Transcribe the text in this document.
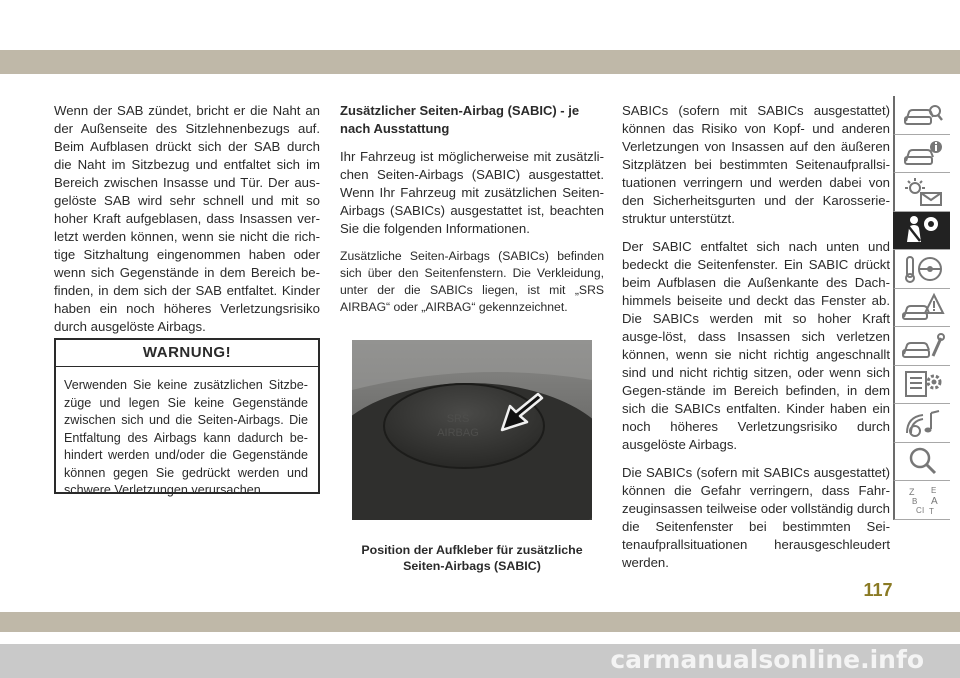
Wenn der SAB zündet, bricht er die Naht an der Außenseite des Sitzlehnenbezugs auf. Beim Aufblasen drückt sich der SAB durch die Naht im Sitzbezug und entfaltet sich im Bereich zwischen Insasse und Tür. Der aus-gelöste SAB wird sehr schnell und mit so hoher Kraft aufgeblasen, dass Insassen ver-letzt werden können, wenn sie nicht die rich-tige Sitzhaltung eingenommen haben oder wenn sich Gegenstände in dem Bereich be-finden, in dem sich der SAB entfaltet. Kinder haben ein noch höheres Verletzungsrisiko durch ausgelöste Airbags.

WARNUNG!
Verwenden Sie keine zusätzlichen Sitzbe-züge und legen Sie keine Gegenstände zwischen sich und die Seiten-Airbags. Die Entfaltung des Airbags kann dadurch be-hindert werden und/oder die Gegenstände können gegen Sie gedrückt werden und schwere Verletzungen verursachen.
Zusätzlicher Seiten-Airbag (SABIC) - je nach Ausstattung

Ihr Fahrzeug ist möglicherweise mit zusätzli-chen Seiten-Airbags (SABIC) ausgestattet. Wenn Ihr Fahrzeug mit zusätzlichen Seiten-Airbags (SABICs) ausgestattet ist, beachten Sie die folgenden Informationen.

Zusätzliche Seiten-Airbags (SABICs) befinden sich über den Seitenfenstern. Die Verkleidung, unter der die SABICs liegen, ist mit „SRS AIRBAG“ oder „AIRBAG“ gekennzeichnet.

SRS
AIRBAG
Position der Aufkleber für zusätzliche Seiten-Airbags (SABIC)

SABICs (sofern mit SABICs ausgestattet) können das Risiko von Kopf- und anderen Verletzungen von Insassen auf den äußeren Sitzplätzen bei bestimmten Seitenaufprallsi-tuationen verringern und werden dabei von den Sicherheitsgurten und der Karosserie-struktur unterstützt.

Der SABIC entfaltet sich nach unten und bedeckt die Seitenfenster. Ein SABIC drückt beim Aufblasen die Außenkante des Dach-himmels beiseite und deckt das Fenster ab. Die SABICs werden mit so hoher Kraft ausge-löst, dass Insassen sich verletzen können, wenn sie nicht richtig angeschnallt sind und nicht richtig sitzen, oder wenn sich Gegen-stände im Bereich befinden, in dem sich die SABICs entfalten. Kinder haben ein noch höheres Verletzungsrisiko durch ausgelöste Airbags.

Die SABICs (sofern mit SABICs ausgestattet) können die Gefahr verringern, dass Fahr-zeuginsassen teilweise oder vollständig durch die Seitenfenster bei bestimmten Sei-tenaufprallsituationen herausgeschleudert werden.

Z E
B A
C I T
117
carmanualsonline.info
